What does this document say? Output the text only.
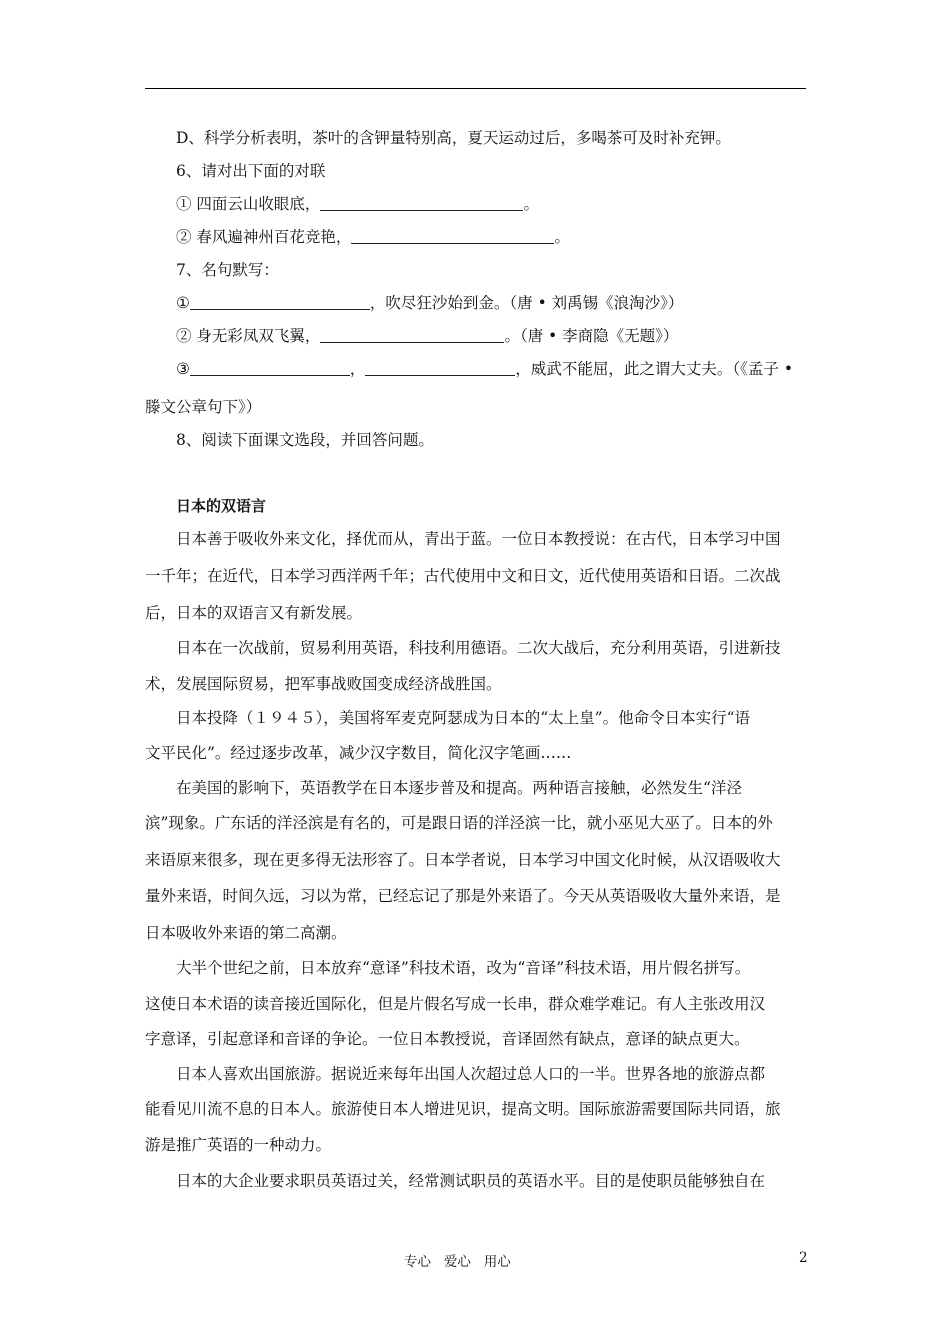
D、科学分析表明，茶叶的含钾量特别高，夏天运动过后，多喝茶可及时补充钾。
6、请对出下面的对联
① 四面云山收眼底，	。
② 春风遍神州百花竞艳，	。
7、名句默写：
①	，吹尽狂沙始到金。（唐 • 刘禹锡《浪淘沙》）
② 身无彩凤双飞翼，	。（唐 • 李商隐《无题》）
③	，	，威武不能屈，此之谓大丈夫。（《孟子 •
滕文公章句下》）
8、阅读下面课文选段，并回答问题。
日本的双语言
日本善于吸收外来文化，择优而从，青出于蓝。一位日本教授说：在古代，日本学习中国
一千年；在近代，日本学习西洋两千年；古代使用中文和日文，近代使用英语和日语。二次战
后，日本的双语言又有新发展。
日本在一次战前，贸易利用英语，科技利用德语。二次大战后，充分利用英语，引进新技
术，发展国际贸易，把军事战败国变成经济战胜国。
日本投降（１９４５），美国将军麦克阿瑟成为日本的“太上皇”。他命令日本实行“语
文平民化”。经过逐步改革，减少汉字数目，简化汉字笔画……
在美国的影响下，英语教学在日本逐步普及和提高。两种语言接触，必然发生“洋泾
滨”现象。广东话的洋泾滨是有名的，可是跟日语的洋泾滨一比，就小巫见大巫了。日本的外
来语原来很多，现在更多得无法形容了。日本学者说，日本学习中国文化时候，从汉语吸收大
量外来语，时间久远，习以为常，已经忘记了那是外来语了。今天从英语吸收大量外来语，是
日本吸收外来语的第二高潮。
大半个世纪之前，日本放弃“意译”科技术语，改为“音译”科技术语，用片假名拼写。
这使日本术语的读音接近国际化，但是片假名写成一长串，群众难学难记。有人主张改用汉
字意译，引起意译和音译的争论。一位日本教授说，音译固然有缺点，意译的缺点更大。
日本人喜欢出国旅游。据说近来每年出国人次超过总人口的一半。世界各地的旅游点都
能看见川流不息的日本人。旅游使日本人增进见识，提高文明。国际旅游需要国际共同语，旅
游是推广英语的一种动力。
日本的大企业要求职员英语过关，经常测试职员的英语水平。目的是使职员能够独自在
专心   爱心   用心	2
